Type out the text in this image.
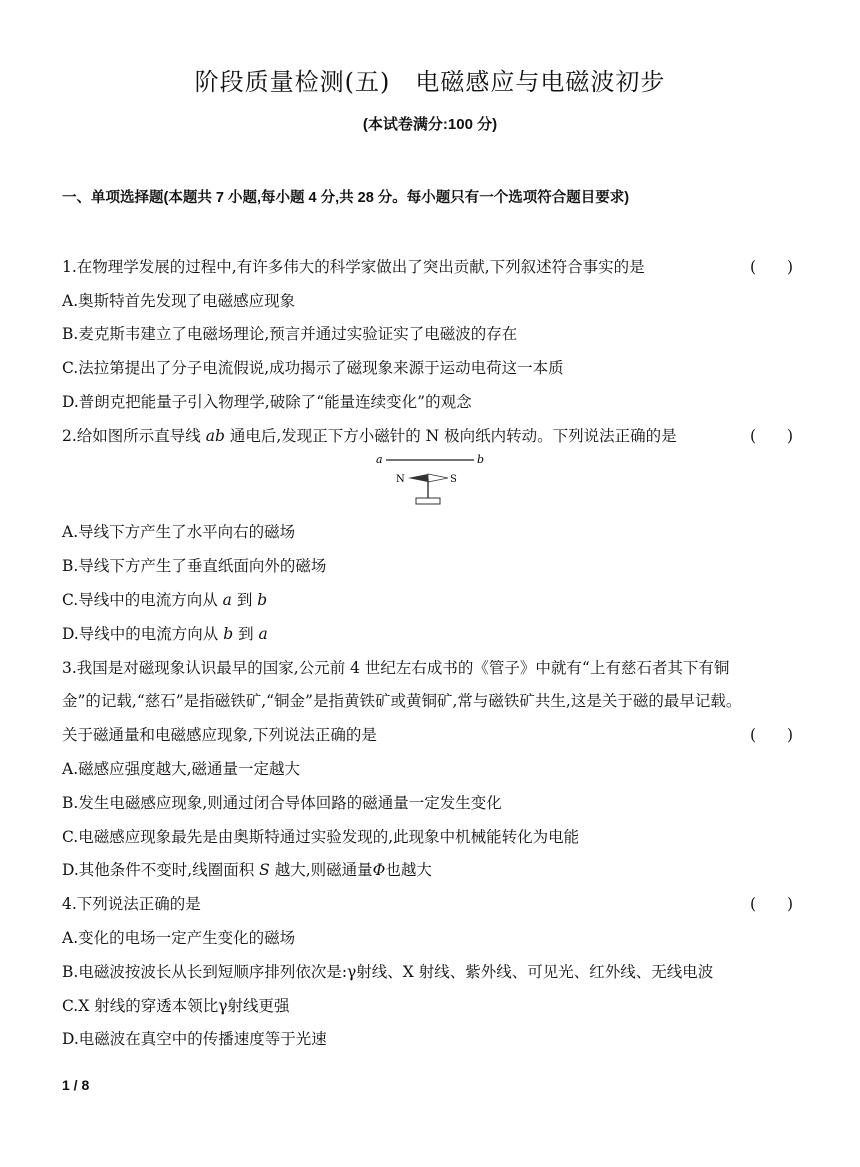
阶段质量检测(五)　电磁感应与电磁波初步
(本试卷满分:100 分)
一、单项选择题(本题共 7 小题,每小题 4 分,共 28 分。每小题只有一个选项符合题目要求)
1.在物理学发展的过程中,有许多伟大的科学家做出了突出贡献,下列叙述符合事实的是	(　　)
A.奥斯特首先发现了电磁感应现象
B.麦克斯韦建立了电磁场理论,预言并通过实验证实了电磁波的存在
C.法拉第提出了分子电流假说,成功揭示了磁现象来源于运动电荷这一本质
D.普朗克把能量子引入物理学,破除了“能量连续变化”的观念
2.给如图所示直导线 ab 通电后,发现正下方小磁针的 N 极向纸内转动。下列说法正确的是	(　　)
a	b
N	S
A.导线下方产生了水平向右的磁场
B.导线下方产生了垂直纸面向外的磁场
C.导线中的电流方向从 a 到 b
D.导线中的电流方向从 b 到 a
3.我国是对磁现象认识最早的国家,公元前 4 世纪左右成书的《管子》中就有“上有慈石者其下有铜
金”的记载,“慈石”是指磁铁矿,“铜金”是指黄铁矿或黄铜矿,常与磁铁矿共生,这是关于磁的最早记载。
关于磁通量和电磁感应现象,下列说法正确的是	(　　)
A.磁感应强度越大,磁通量一定越大
B.发生电磁感应现象,则通过闭合导体回路的磁通量一定发生变化
C.电磁感应现象最先是由奥斯特通过实验发现的,此现象中机械能转化为电能
D.其他条件不变时,线圈面积 S 越大,则磁通量Φ也越大
4.下列说法正确的是	(　　)
A.变化的电场一定产生变化的磁场
B.电磁波按波长从长到短顺序排列依次是:γ射线、X 射线、紫外线、可见光、红外线、无线电波
C.X 射线的穿透本领比γ射线更强
D.电磁波在真空中的传播速度等于光速
1 / 8
